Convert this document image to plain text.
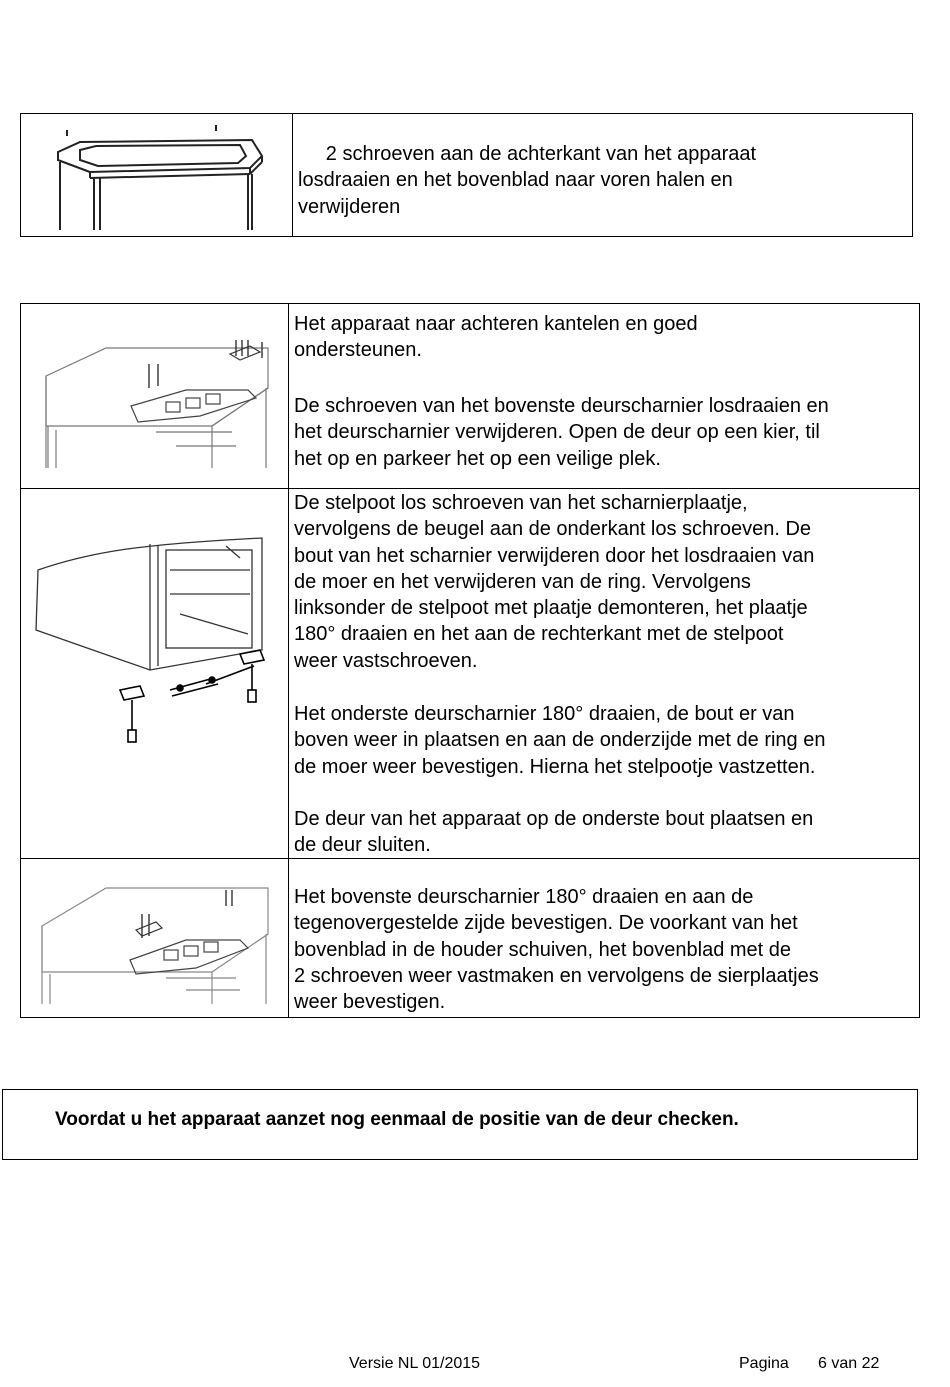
2 schroeven aan de achterkant van het apparaat
losdraaien en het bovenblad naar voren halen en
verwijderen
Het apparaat naar achteren kantelen en goed
ondersteunen.
De schroeven van het bovenste deurscharnier losdraaien en
het deurscharnier verwijderen. Open de deur op een kier, til
het op en parkeer het op een veilige plek.
De stelpoot los schroeven van het scharnierplaatje,
vervolgens de beugel aan de onderkant los schroeven. De
bout van het scharnier verwijderen door het losdraaien van
de moer en het verwijderen van de ring. Vervolgens
linksonder de stelpoot met plaatje demonteren, het plaatje
180° draaien en het aan de rechterkant met de stelpoot
weer vastschroeven.
Het onderste deurscharnier 180° draaien, de bout er van
boven weer in plaatsen en aan de onderzijde met de ring en
de moer weer bevestigen. Hierna het stelpootje vastzetten.
De deur van het apparaat op de onderste bout plaatsen en
de deur sluiten.
Het bovenste deurscharnier 180° draaien en aan de
tegenovergestelde zijde bevestigen. De voorkant van het
bovenblad in de houder schuiven, het bovenblad met de
2 schroeven weer vastmaken en vervolgens de sierplaatjes
weer bevestigen.
Voordat u het apparaat aanzet nog eenmaal de positie van de deur checken.
Versie NL 01/2015	Pagina 6 van 22
